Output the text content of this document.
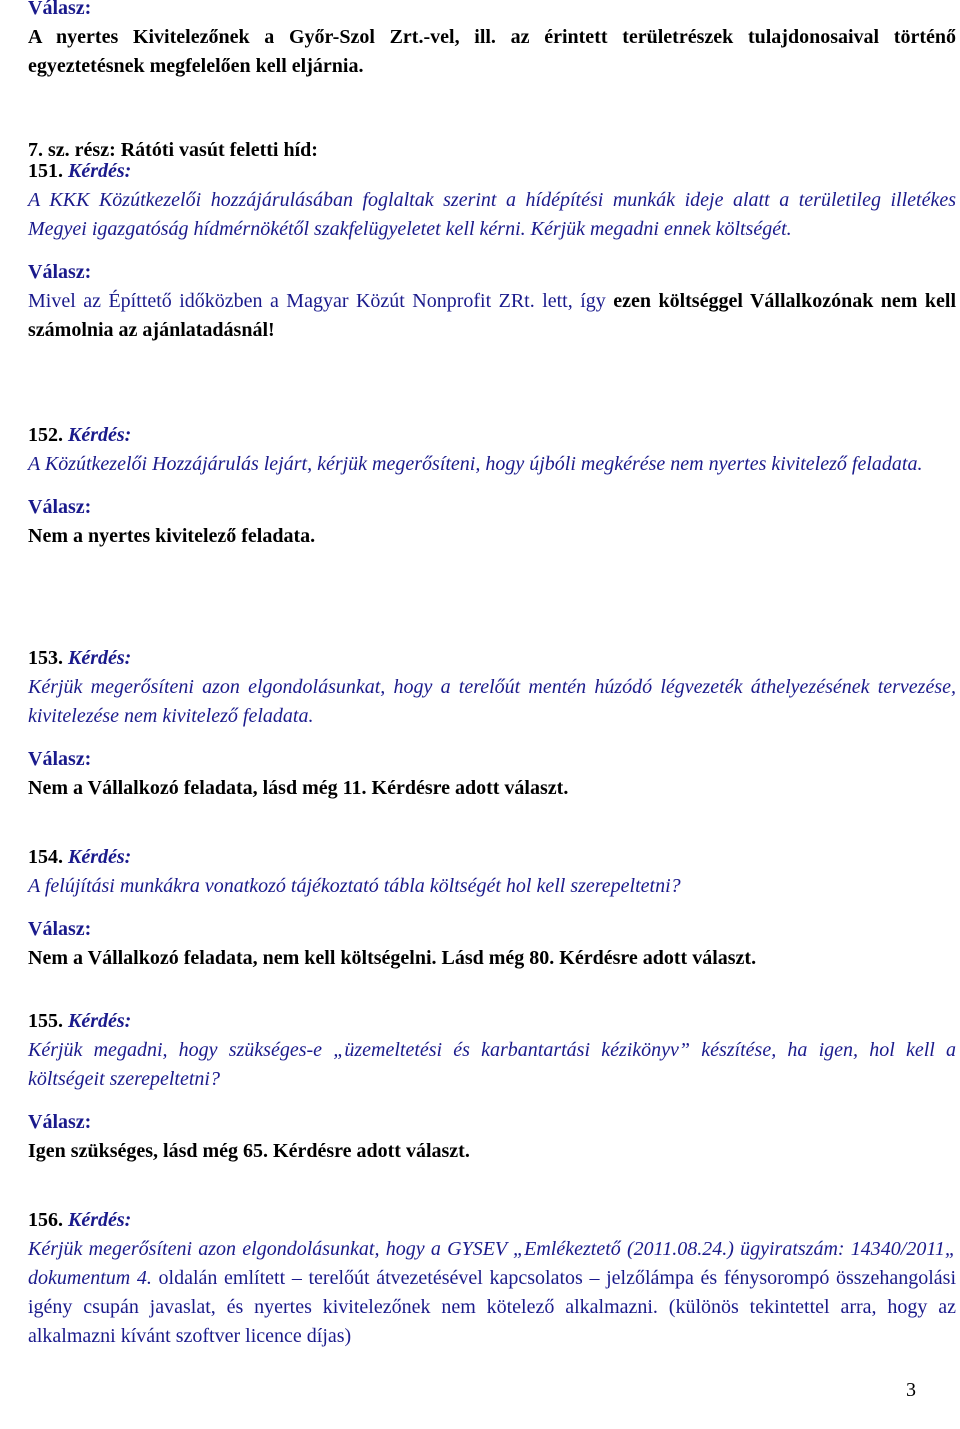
Válasz:
A nyertes Kivitelezőnek a Győr-Szol Zrt.-vel, ill. az érintett területrészek tulajdonosaival történő egyeztetésnek megfelelően kell eljárnia.
7. sz. rész: Rátóti vasút feletti híd:
151. Kérdés:
A KKK Közútkezelői hozzájárulásában foglaltak szerint a hídépítési munkák ideje alatt a területileg illetékes Megyei igazgatóság hídmérnökétől szakfelügyeletet kell kérni. Kérjük megadni ennek költségét.
Válasz:
Mivel az Építtető időközben a Magyar Közút Nonprofit ZRt. lett, így ezen költséggel Vállalkozónak nem kell számolnia az ajánlatadásnál!
152. Kérdés:
A Közútkezelői Hozzájárulás lejárt, kérjük megerősíteni, hogy újbóli megkérése nem nyertes kivitelező feladata.
Válasz:
Nem a nyertes kivitelező feladata.
153. Kérdés:
Kérjük megerősíteni azon elgondolásunkat, hogy a terelőút mentén húzódó légvezeték áthelyezésének tervezése, kivitelezése nem kivitelező feladata.
Válasz:
Nem a Vállalkozó feladata, lásd még 11. Kérdésre adott választ.
154. Kérdés:
A felújítási munkákra vonatkozó tájékoztató tábla költségét hol kell szerepeltetni?
Válasz:
Nem a Vállalkozó feladata, nem kell költségelni. Lásd még 80. Kérdésre adott választ.
155. Kérdés:
Kérjük megadni, hogy szükséges-e „üzemeltetési és karbantartási kézikönyv” készítése, ha igen, hol kell a költségeit szerepeltetni?
Válasz:
Igen szükséges, lásd még 65. Kérdésre adott választ.
156. Kérdés:
Kérjük megerősíteni azon elgondolásunkat, hogy a GYSEV „Emlékeztető (2011.08.24.) ügyiratszám: 14340/2011„ dokumentum 4. oldalán említett – terelőút átvezetésével kapcsolatos – jelzőlámpa és fénysorompó összehangolási igény csupán javaslat, és nyertes kivitelezőnek nem kötelező alkalmazni. (különös tekintettel arra, hogy az alkalmazni kívánt szoftver licence díjas)
3
